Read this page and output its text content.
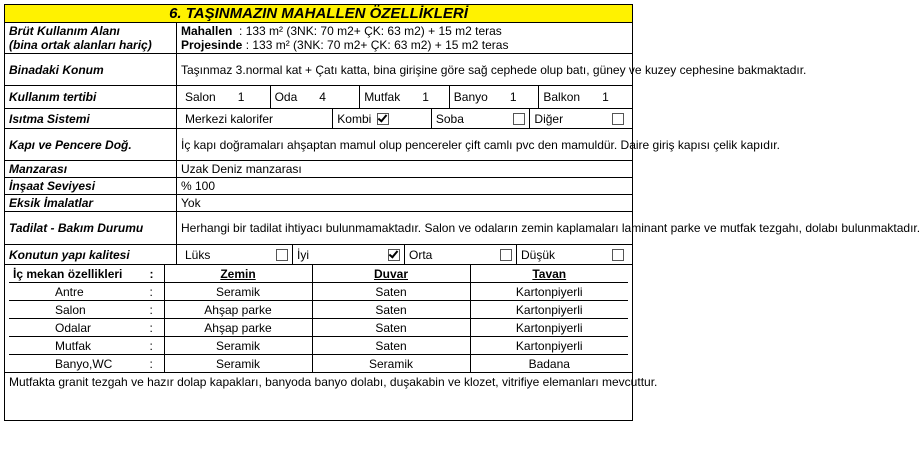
6. TAŞINMAZIN MAHALLEN ÖZELLİKLERİ

Brüt Kullanım Alanı
(bina ortak alanları hariç)

Mahallen : 133 m² (3NK: 70 m2+ ÇK: 63 m2) + 15 m2 teras
Projesinde : 133 m² (3NK: 70 m2+ ÇK: 63 m2) + 15 m2 teras

Binadaki Konum	Taşınmaz 3.normal kat + Çatı katta, bina girişine göre sağ cephede olup batı, güney ve kuzey cephesine bakmaktadır.
Kullanım tertibi	Salon 1	Oda 4	Mutfak 1 Banyo 1 Balkon 1

Isıtma Sistemi	Merkezi kalorifer	Kombi	Soba	Diğer

Kapı ve Pencere Doğ.	İç kapı doğramaları ahşaptan mamul olup pencereler çift camlı pvc den mamuldür. Daire giriş kapısı çelik kapıdır.
Manzarası	Uzak Deniz manzarası
İnşaat Seviyesi	% 100
Eksik İmalatlar	Yok
Tadilat - Bakım Durumu	Herhangi bir tadilat ihtiyacı bulunmamaktadır. Salon ve odaların zemin kaplamaları laminant parke ve mutfak tezgahı, dolabı bulunmaktadır.
Konutun yapı kalitesi	Lüks	İyi	Orta	Düşük

İç mekan özellikleri	:	Zemin	Duvar	Tavan

Antre	:	Seramik	Saten	Kartonpiyerli

Salon	:	Ahşap parke	Saten	Kartonpiyerli

Odalar	:	Ahşap parke	Saten	Kartonpiyerli

Mutfak	:	Seramik	Saten	Kartonpiyerli

Banyo,WC	:	Seramik	Seramik	Badana

Mutfakta granit tezgah ve hazır dolap kapakları, banyoda banyo dolabı, duşakabin ve klozet, vitrifiye elemanları mevcuttur.
